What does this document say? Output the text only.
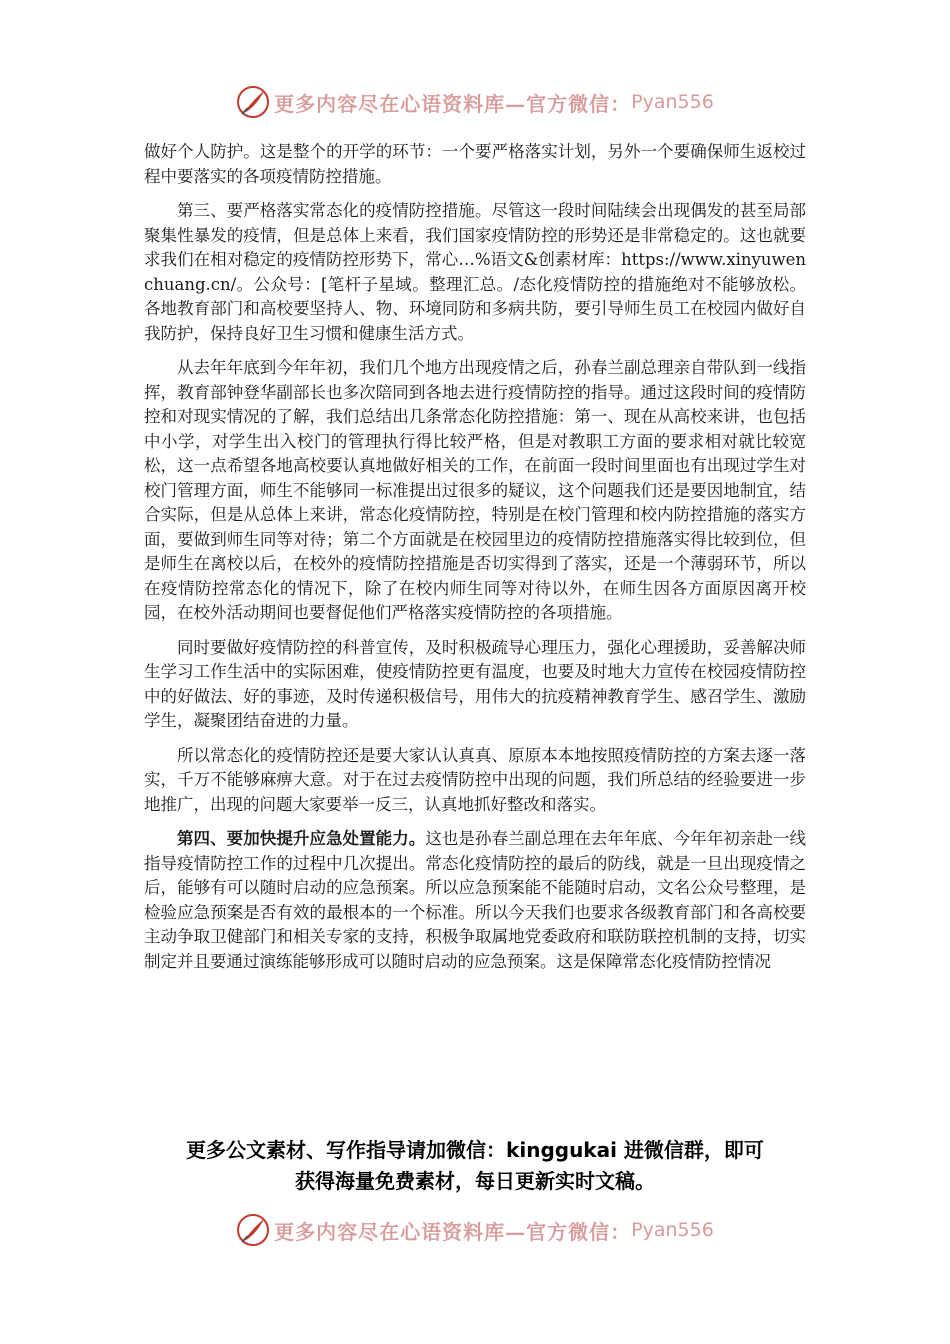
更多内容尽在心语资料库—官方微信： Pyan556

做好个人防护。这是整个的开学的环节：一个要严格落实计划，另外一个要确保师生返校过程中要落实的各项疫情防控措施。

第三、要严格落实常态化的疫情防控措施。尽管这一段时间陆续会出现偶发的甚至局部聚集性暴发的疫情，但是总体上来看，我们国家疫情防控的形势还是非常稳定的。这也就要求我们在相对稳定的疫情防控形势下，常心…%语文&创素材库：https://www.xinyuwenchuang.cn/。公众号：[笔杆子星域。整理汇总。/态化疫情防控的措施绝对不能够放松。各地教育部门和高校要坚持人、物、环境同防和多病共防，要引导师生员工在校园内做好自我防护，保持良好卫生习惯和健康生活方式。

从去年年底到今年年初，我们几个地方出现疫情之后，孙春兰副总理亲自带队到一线指挥，教育部钟登华副部长也多次陪同到各地去进行疫情防控的指导。通过这段时间的疫情防控和对现实情况的了解，我们总结出几条常态化防控措施：第一、现在从高校来讲，也包括中小学，对学生出入校门的管理执行得比较严格，但是对教职工方面的要求相对就比较宽松，这一点希望各地高校要认真地做好相关的工作，在前面一段时间里面也有出现过学生对校门管理方面，师生不能够同一标准提出过很多的疑议，这个问题我们还是要因地制宜，结合实际，但是从总体上来讲，常态化疫情防控，特别是在校门管理和校内防控措施的落实方面，要做到师生同等对待；第二个方面就是在校园里边的疫情防控措施落实得比较到位，但是师生在离校以后，在校外的疫情防控措施是否切实得到了落实，还是一个薄弱环节，所以在疫情防控常态化的情况下，除了在校内师生同等对待以外，在师生因各方面原因离开校园，在校外活动期间也要督促他们严格落实疫情防控的各项措施。

同时要做好疫情防控的科普宣传，及时积极疏导心理压力，强化心理援助，妥善解决师生学习工作生活中的实际困难，使疫情防控更有温度，也要及时地大力宣传在校园疫情防控中的好做法、好的事迹，及时传递积极信号，用伟大的抗疫精神教育学生、感召学生、激励学生，凝聚团结奋进的力量。

所以常态化的疫情防控还是要大家认认真真、原原本本地按照疫情防控的方案去逐一落实，千万不能够麻痹大意。对于在过去疫情防控中出现的问题，我们所总结的经验要进一步地推广，出现的问题大家要举一反三，认真地抓好整改和落实。

第四、要加快提升应急处置能力。这也是孙春兰副总理在去年年底、今年年初亲赴一线指导疫情防控工作的过程中几次提出。常态化疫情防控的最后的防线，就是一旦出现疫情之后，能够有可以随时启动的应急预案。所以应急预案能不能随时启动，文名公众号整理，是检验应急预案是否有效的最根本的一个标准。所以今天我们也要求各级教育部门和各高校要主动争取卫健部门和相关专家的支持，积极争取属地党委政府和联防联控机制的支持，切实制定并且要通过演练能够形成可以随时启动的应急预案。这是保障常态化疫情防控情况

更多公文素材、写作指导请加微信：kinggukai 进微信群，即可
获得海量免费素材，每日更新实时文稿。
更多内容尽在心语资料库—官方微信： Pyan556
